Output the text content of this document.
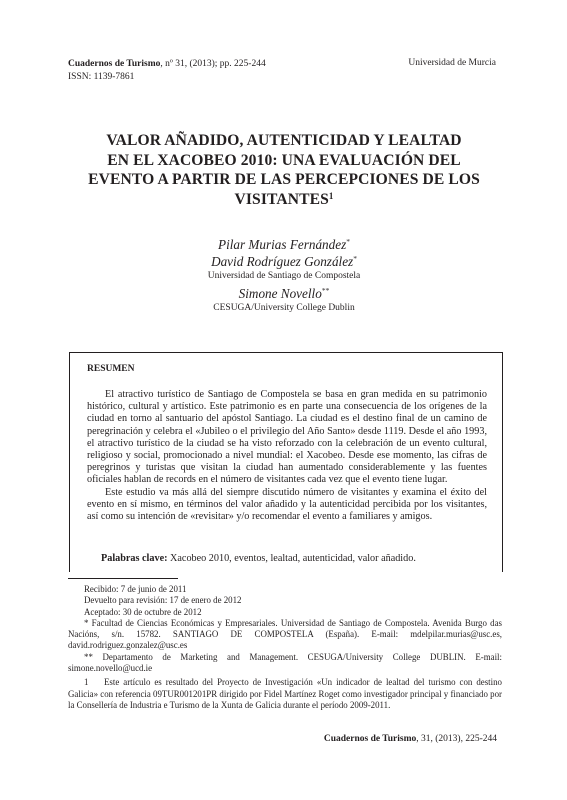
Cuadernos de Turismo, nº 31, (2013); pp. 225-244
ISSN: 1139-7861
Universidad de Murcia
VALOR AÑADIDO, AUTENTICIDAD Y LEALTAD
EN EL XACOBEO 2010: UNA EVALUACIÓN DEL
EVENTO A PARTIR DE LAS PERCEPCIONES DE LOS
VISITANTES$^1$
Pilar Murias Fernández*
David Rodríguez González*
Universidad de Santiago de Compostela
Simone Novello**
CESUGA/University College Dublin
RESUMEN

El atractivo turístico de Santiago de Compostela se basa en gran medida en su patrimonio histórico, cultural y artístico. Este patrimonio es en parte una consecuencia de los orígenes de la ciudad en torno al santuario del apóstol Santiago. La ciudad es el destino final de un camino de peregrinación y celebra el «Jubileo o el privilegio del Año Santo» desde 1119. Desde el año 1993, el atractivo turístico de la ciudad se ha visto reforzado con la celebración de un evento cultural, religioso y social, promocionado a nivel mundial: el Xacobeo. Desde ese momento, las cifras de peregrinos y turistas que visitan la ciudad han aumentado considerablemente y las fuentes oficiales hablan de records en el número de visitantes cada vez que el evento tiene lugar.

Este estudio va más allá del siempre discutido número de visitantes y examina el éxito del evento en sí mismo, en términos del valor añadido y la autenticidad percibida por los visitantes, así como su intención de «revisitar» y/o recomendar el evento a familiares y amigos.

Palabras clave: Xacobeo 2010, eventos, lealtad, autenticidad, valor añadido.
Recibido: 7 de junio de 2011
Devuelto para revisión: 17 de enero de 2012
Aceptado: 30 de octubre de 2012
* Facultad de Ciencias Económicas y Empresariales. Universidad de Santiago de Compostela. Avenida Burgo das Nacións, s/n. 15782. SANTIAGO DE COMPOSTELA (España). E-mail: mdelpilar.murias@usc.es, david.rodriguez.gonzalez@usc.es
** Departamento de Marketing and Management. CESUGA/University College DUBLIN. E-mail: simone.novello@ucd.ie
1 Este artículo es resultado del Proyecto de Investigación «Un indicador de lealtad del turismo con destino Galicia» con referencia 09TUR001201PR dirigido por Fidel Martínez Roget como investigador principal y financiado por la Consellería de Industria e Turismo de la Xunta de Galicia durante el período 2009-2011.
Cuadernos de Turismo, 31, (2013), 225-244
